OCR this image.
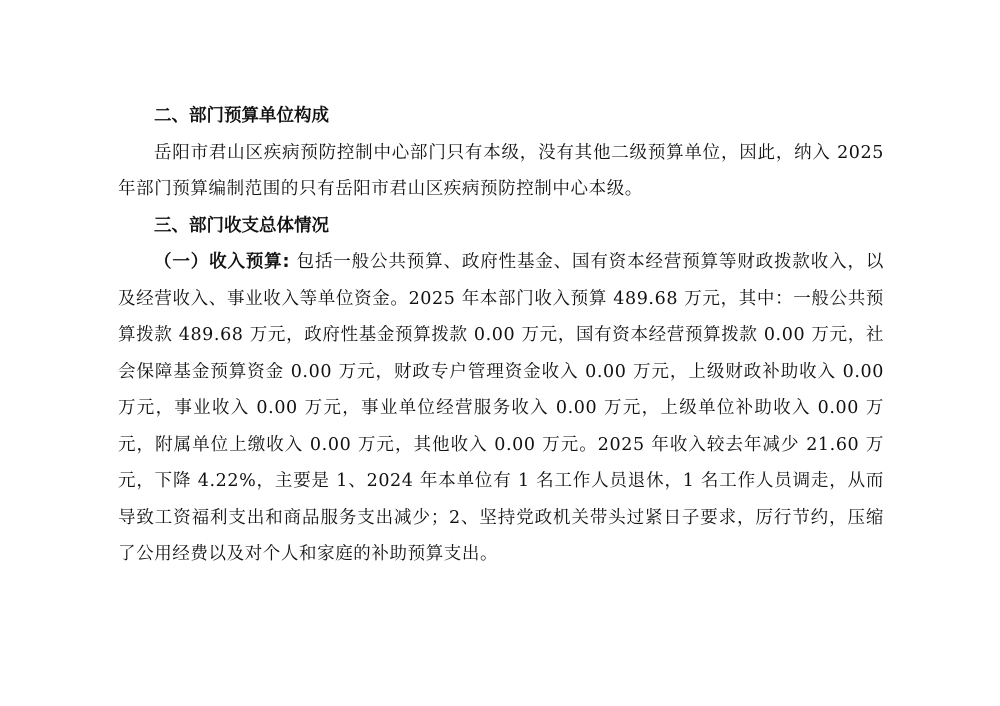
二、部门预算单位构成

岳阳市君山区疾病预防控制中心部门只有本级，没有其他二级预算单位，因此，纳入 2025 年部门预算编制范围的只有岳阳市君山区疾病预防控制中心本级。

三、部门收支总体情况

（一）收入预算: 包括一般公共预算、政府性基金、国有资本经营预算等财政拨款收入，以及经营收入、事业收入等单位资金。2025 年本部门收入预算 489.68 万元，其中：一般公共预算拨款 489.68 万元，政府性基金预算拨款 0.00 万元，国有资本经营预算拨款 0.00 万元，社会保障基金预算资金 0.00 万元，财政专户管理资金收入 0.00 万元，上级财政补助收入 0.00 万元，事业收入 0.00 万元，事业单位经营服务收入 0.00 万元，上级单位补助收入 0.00 万元，附属单位上缴收入 0.00 万元，其他收入 0.00 万元。2025 年收入较去年减少 21.60 万元，下降 4.22%，主要是 1、2024 年本单位有 1 名工作人员退休，1 名工作人员调走，从而导致工资福利支出和商品服务支出减少；2、坚持党政机关带头过紧日子要求，厉行节约，压缩了公用经费以及对个人和家庭的补助预算支出。
